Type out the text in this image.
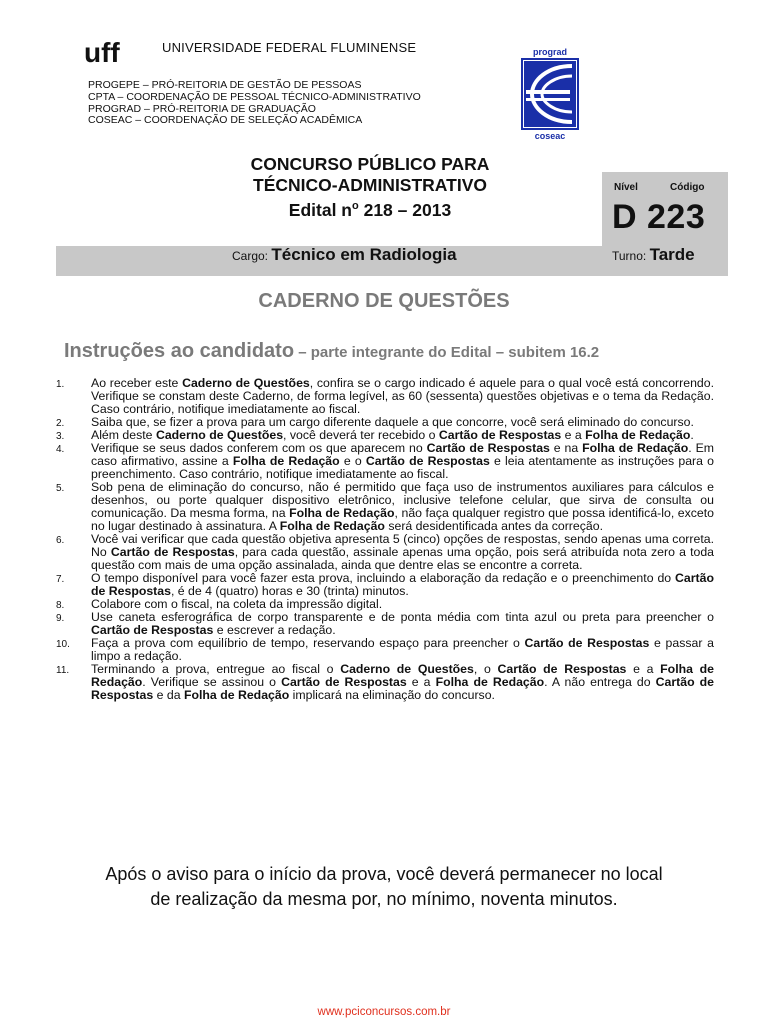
uff	UNIVERSIDADE FEDERAL FLUMINENSE
PROGEPE – PRÓ-REITORIA DE GESTÃO DE PESSOAS
CPTA – COORDENAÇÃO DE PESSOAL TÉCNICO-ADMINISTRATIVO
PROGRAD – PRÓ-REITORIA DE GRADUAÇÃO
COSEAC – COORDENAÇÃO DE SELEÇÃO ACADÊMICA
prograd
coseac
CONCURSO PÚBLICO PARA
TÉCNICO-ADMINISTRATIVO
Edital $n^o$ 218 – 2013
Nível	Código
D 223
Cargo: Técnico em Radiologia	Turno: Tarde
CADERNO DE QUESTÕES
Instruções ao candidato – parte integrante do Edital – subitem 16.2
1. Ao receber este Caderno de Questões, confira se o cargo indicado é aquele para o qual você está concorrendo. Verifique se constam deste Caderno, de forma legível, as 60 (sessenta) questões objetivas e o tema da Redação. Caso contrário, notifique imediatamente ao fiscal.
2. Saiba que, se fizer a prova para um cargo diferente daquele a que concorre, você será eliminado do concurso.
3. Além deste Caderno de Questões, você deverá ter recebido o Cartão de Respostas e a Folha de Redação.
4. Verifique se seus dados conferem com os que aparecem no Cartão de Respostas e na Folha de Redação. Em caso afirmativo, assine a Folha de Redação e o Cartão de Respostas e leia atentamente as instruções para o preenchimento. Caso contrário, notifique imediatamente ao fiscal.
5. Sob pena de eliminação do concurso, não é permitido que faça uso de instrumentos auxiliares para cálculos e desenhos, ou porte qualquer dispositivo eletrônico, inclusive telefone celular, que sirva de consulta ou comunicação. Da mesma forma, na Folha de Redação, não faça qualquer registro que possa identificá-lo, exceto no lugar destinado à assinatura. A Folha de Redação será desidentificada antes da correção.
6. Você vai verificar que cada questão objetiva apresenta 5 (cinco) opções de respostas, sendo apenas uma correta. No Cartão de Respostas, para cada questão, assinale apenas uma opção, pois será atribuída nota zero a toda questão com mais de uma opção assinalada, ainda que dentre elas se encontre a correta.
7. O tempo disponível para você fazer esta prova, incluindo a elaboração da redação e o preenchimento do Cartão de Respostas, é de 4 (quatro) horas e 30 (trinta) minutos.
8. Colabore com o fiscal, na coleta da impressão digital.
9. Use caneta esferográfica de corpo transparente e de ponta média com tinta azul ou preta para preencher o Cartão de Respostas e escrever a redação.
10. Faça a prova com equilíbrio de tempo, reservando espaço para preencher o Cartão de Respostas e passar a limpo a redação.
11. Terminando a prova, entregue ao fiscal o Caderno de Questões, o Cartão de Respostas e a Folha de Redação. Verifique se assinou o Cartão de Respostas e a Folha de Redação. A não entrega do Cartão de Respostas e da Folha de Redação implicará na eliminação do concurso.
Após o aviso para o início da prova, você deverá permanecer no local
de realização da mesma por, no mínimo, noventa minutos.
www.pciconcursos.com.br
